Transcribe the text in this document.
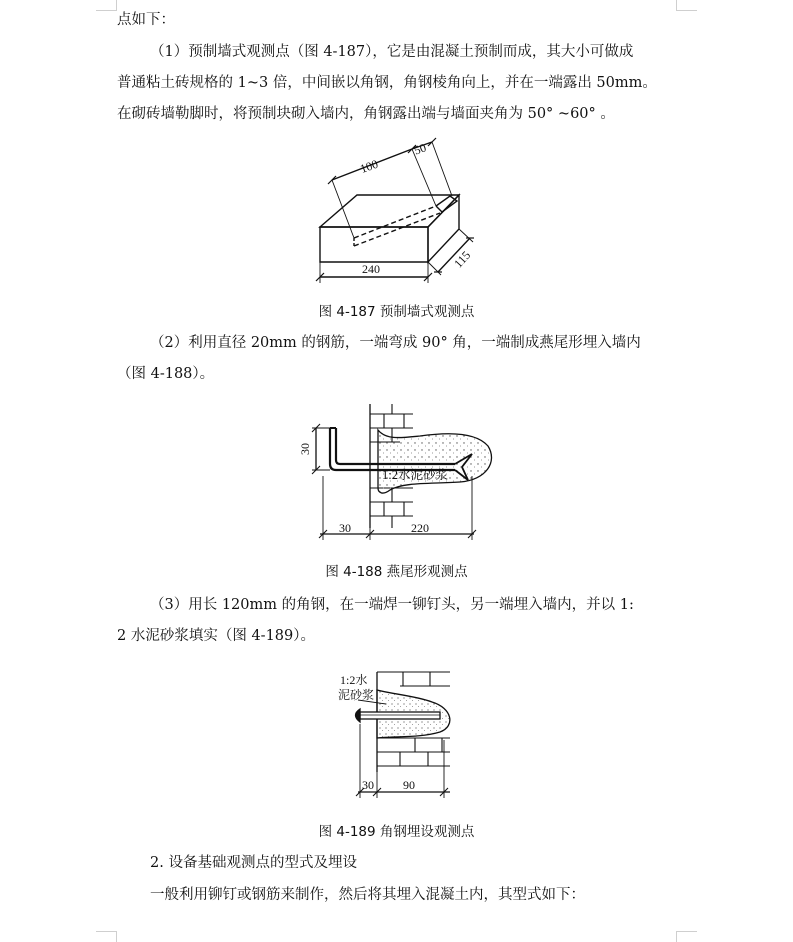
点如下：

（1）预制墙式观测点（图 4-187），它是由混凝土预制而成，其大小可做成

普通粘土砖规格的 1~3 倍，中间嵌以角钢，角钢棱角向上，并在一端露出 50mm。

在砌砖墙勒脚时，将预制块砌入墙内，角钢露出端与墙面夹角为 50° ~60° 。

100
50
240	115
图 4-187 预制墙式观测点

（2）利用直径 20mm 的钢筋，一端弯成 90° 角，一端制成燕尾形埋入墙内

（图 4-188）。

30
1:2水泥砂浆
30	220
图 4-188 燕尾形观测点

（3）用长 120mm 的角钢，在一端焊一铆钉头，另一端埋入墙内，并以 1:

2 水泥砂浆填实（图 4-189）。

1:2水
泥砂浆
30 90
图 4-189 角钢埋设观测点

2. 设备基础观测点的型式及埋设

一般利用铆钉或钢筋来制作，然后将其埋入混凝土内，其型式如下：
